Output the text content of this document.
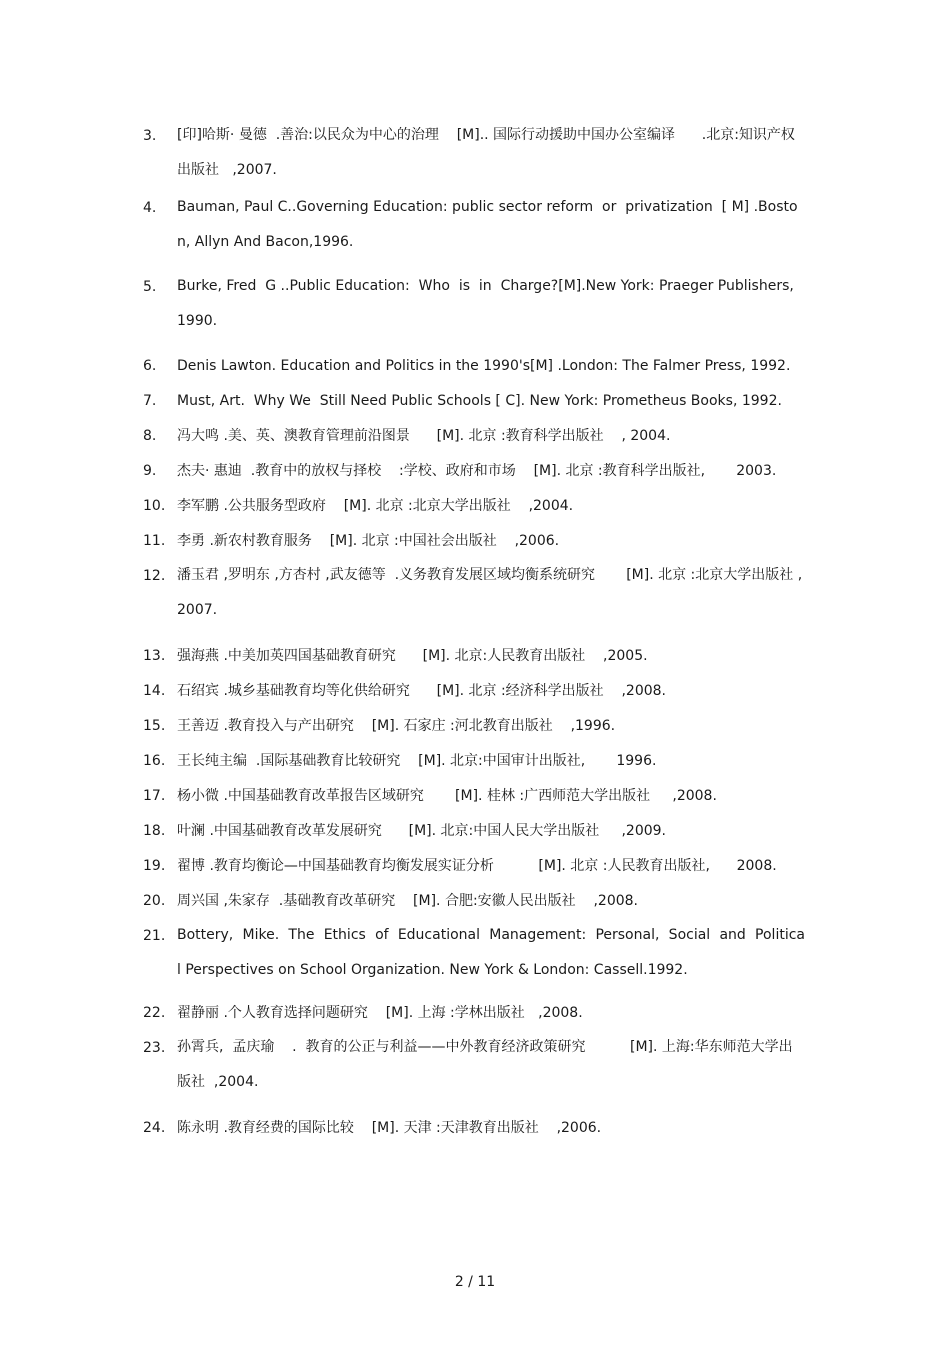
3.	[印]哈斯· 曼德  .善治:以民众为中心的治理    [M].. 国际行动援助中国办公室编译      .北京:知识产权出版社   ,2007.
4.	Bauman, Paul C..Governing Education: public sector reform  or  privatization  [ M] .Boston, Allyn And Bacon,1996.
5.	Burke, Fred  G ..Public Education:  Who  is  in  Charge?[M].New York: Praeger Publishers, 1990.
6.	Denis Lawton. Education and Politics in the 1990's[M] .London: The Falmer Press, 1992.
7.	Must, Art.  Why We  Still Need Public Schools [ C]. New York: Prometheus Books, 1992.
8.	冯大鸣 .美、英、澳教育管理前沿图景      [M]. 北京 :教育科学出版社    , 2004.
9.	杰夫· 惠迪  .教育中的放权与择校    :学校、政府和市场    [M]. 北京 :教育科学出版社,       2003.
10. 李军鹏 .公共服务型政府    [M]. 北京 :北京大学出版社    ,2004.
11. 李勇 .新农村教育服务    [M]. 北京 :中国社会出版社    ,2006.
12. 潘玉君 ,罗明东 ,方杏村 ,武友德等  .义务教育发展区域均衡系统研究       [M]. 北京 :北京大学出版社 ,2007.
13. 强海燕 .中美加英四国基础教育研究      [M]. 北京:人民教育出版社    ,2005.
14. 石绍宾 .城乡基础教育均等化供给研究      [M]. 北京 :经济科学出版社    ,2008.
15. 王善迈 .教育投入与产出研究    [M]. 石家庄 :河北教育出版社    ,1996.
16. 王长纯主编  .国际基础教育比较研究    [M]. 北京:中国审计出版社,       1996.
17. 杨小微 .中国基础教育改革报告区域研究       [M]. 桂林 :广西师范大学出版社     ,2008.
18. 叶澜 .中国基础教育改革发展研究      [M]. 北京:中国人民大学出版社     ,2009.
19. 翟博 .教育均衡论—中国基础教育均衡发展实证分析          [M]. 北京 :人民教育出版社,      2008.
20. 周兴国 ,朱家存  .基础教育改革研究    [M]. 合肥:安徽人民出版社    ,2008.
21. Bottery,  Mike.  The  Ethics  of  Educational  Management:  Personal,  Social  and  Political Perspectives on School Organization. New York & London: Cassell.1992.
22. 翟静丽 .个人教育选择问题研究    [M]. 上海 :学林出版社   ,2008.
23. 孙霄兵,  孟庆瑜    .  教育的公正与利益——中外教育经济政策研究          [M]. 上海:华东师范大学出版社  ,2004.
24. 陈永明 .教育经费的国际比较    [M]. 天津 :天津教育出版社    ,2006.
2 / 11
